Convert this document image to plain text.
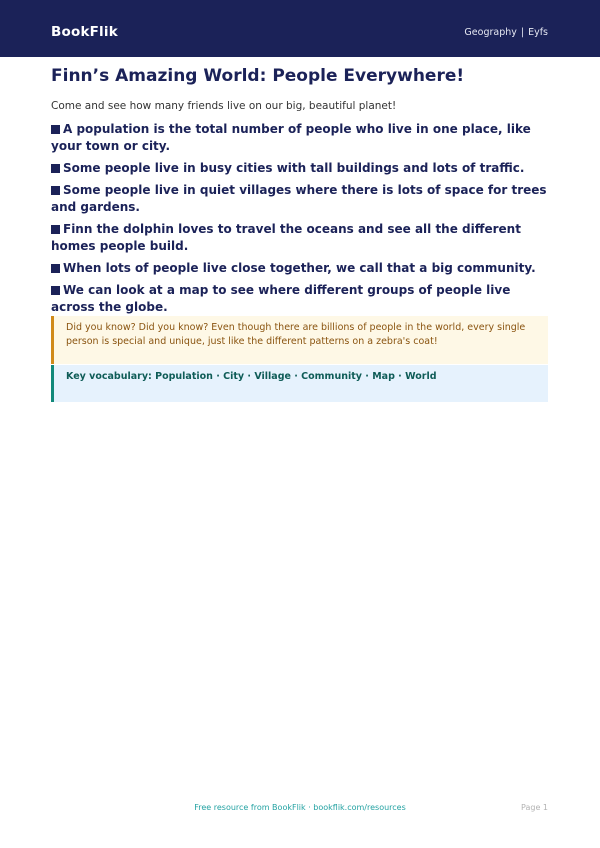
BookFlik	Geography | Eyfs
Finn’s Amazing World: People Everywhere!

Come and see how many friends live on our big, beautiful planet!

A population is the total number of people who live in one place, like your town or city.
Some people live in busy cities with tall buildings and lots of traffic.
Some people live in quiet villages where there is lots of space for trees and gardens.
Finn the dolphin loves to travel the oceans and see all the different homes people build.
When lots of people live close together, we call that a big community.
We can look at a map to see where different groups of people live across the globe.
Did you know? Did you know? Even though there are billions of people in the world, every single person is special and unique, just like the different patterns on a zebra's coat!
Key vocabulary: Population · City · Village · Community · Map · World
Free resource from BookFlik · bookflik.com/resources	Page 1
